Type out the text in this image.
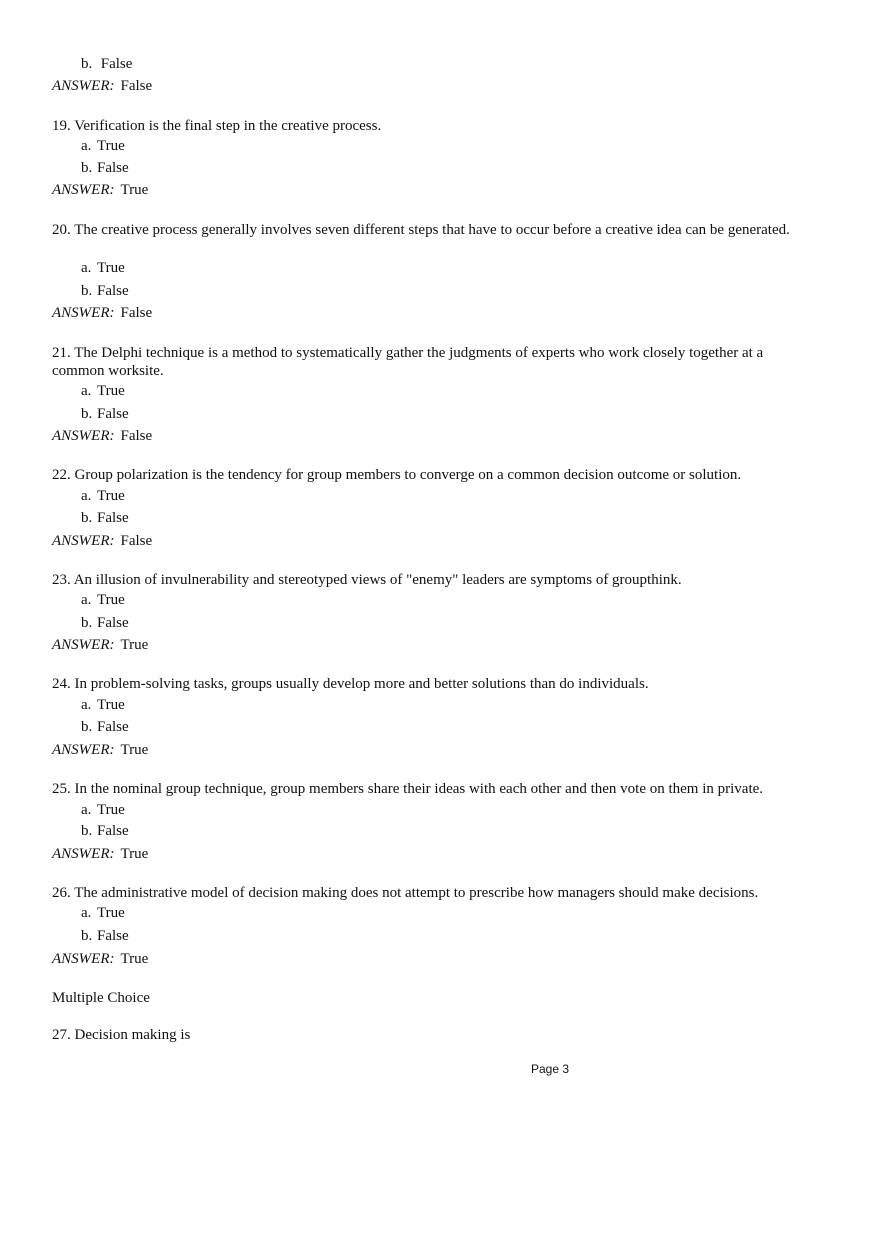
b. False
ANSWER: False
19. Verification is the final step in the creative process.
a. True
b. False
ANSWER: True
20. The creative process generally involves seven different steps that have to occur before a creative idea can be generated.
a. True
b. False
ANSWER: False
21. The Delphi technique is a method to systematically gather the judgments of experts who work closely together at a common worksite.
a. True
b. False
ANSWER: False
22. Group polarization is the tendency for group members to converge on a common decision outcome or solution.
a. True
b. False
ANSWER: False
23. An illusion of invulnerability and stereotyped views of "enemy" leaders are symptoms of groupthink.
a. True
b. False
ANSWER: True
24. In problem-solving tasks, groups usually develop more and better solutions than do individuals.
a. True
b. False
ANSWER: True
25. In the nominal group technique, group members share their ideas with each other and then vote on them in private.
a. True
b. False
ANSWER: True
26. The administrative model of decision making does not attempt to prescribe how managers should make decisions.
a. True
b. False
ANSWER: True
Multiple Choice
27. Decision making is
Page 3
